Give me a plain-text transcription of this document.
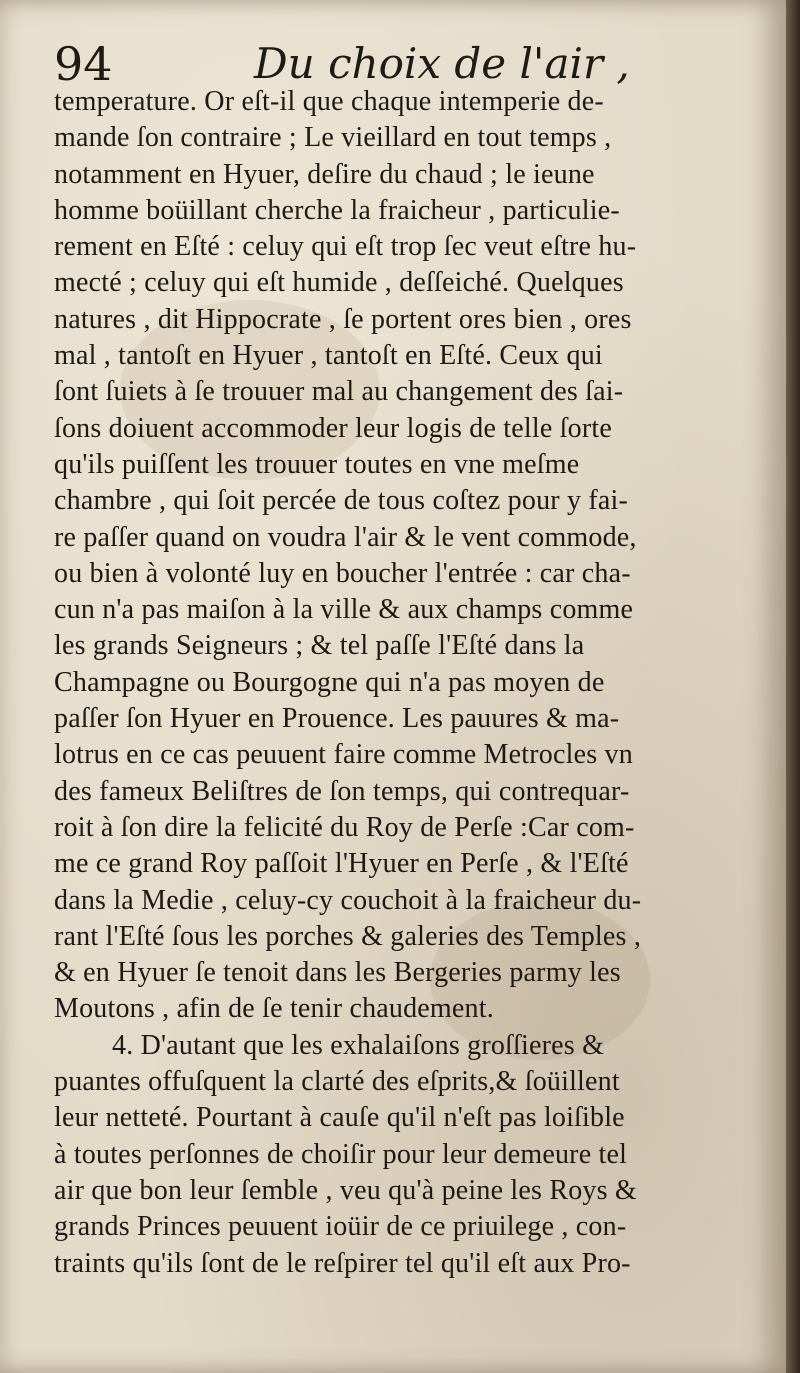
94	Du choix de l'air ,
temperature. Or eſt-il que chaque intemperie de-
mande ſon contraire ; Le vieillard en tout temps ,
notamment en Hyuer, deſire du chaud ; le ieune
homme boüillant cherche la fraicheur , particulie-
rement en Eſté : celuy qui eſt trop ſec veut eſtre hu-
mecté ; celuy qui eſt humide , deſſeiché. Quelques
natures , dit Hippocrate , ſe portent ores bien , ores
mal , tantoſt en Hyuer , tantoſt en Eſté. Ceux qui
ſont ſuiets à ſe trouuer mal au changement des ſai-
ſons doiuent accommoder leur logis de telle ſorte
qu'ils puiſſent les trouuer toutes en vne meſme
chambre , qui ſoit percée de tous coſtez pour y fai-
re paſſer quand on voudra l'air & le vent commode,
ou bien à volonté luy en boucher l'entrée : car cha-
cun n'a pas maiſon à la ville & aux champs comme
les grands Seigneurs ; & tel paſſe l'Eſté dans la
Champagne ou Bourgogne qui n'a pas moyen de
paſſer ſon Hyuer en Prouence. Les pauures & ma-
lotrus en ce cas peuuent faire comme Metrocles vn
des fameux Beliſtres de ſon temps, qui contrequar-
roit à ſon dire la felicité du Roy de Perſe :Car com-
me ce grand Roy paſſoit l'Hyuer en Perſe , & l'Eſté
dans la Medie , celuy-cy couchoit à la fraicheur du-
rant l'Eſté ſous les porches & galeries des Temples ,
& en Hyuer ſe tenoit dans les Bergeries parmy les
Moutons , afin de ſe tenir chaudement.
4. D'autant que les exhalaiſons groſſieres &
puantes offuſquent la clarté des eſprits,& ſoüillent
leur netteté. Pourtant à cauſe qu'il n'eſt pas loiſible
à toutes perſonnes de choiſir pour leur demeure tel
air que bon leur ſemble , veu qu'à peine les Roys &
grands Princes peuuent ioüir de ce priuilege , con-
traints qu'ils ſont de le reſpirer tel qu'il eſt aux Pro-
